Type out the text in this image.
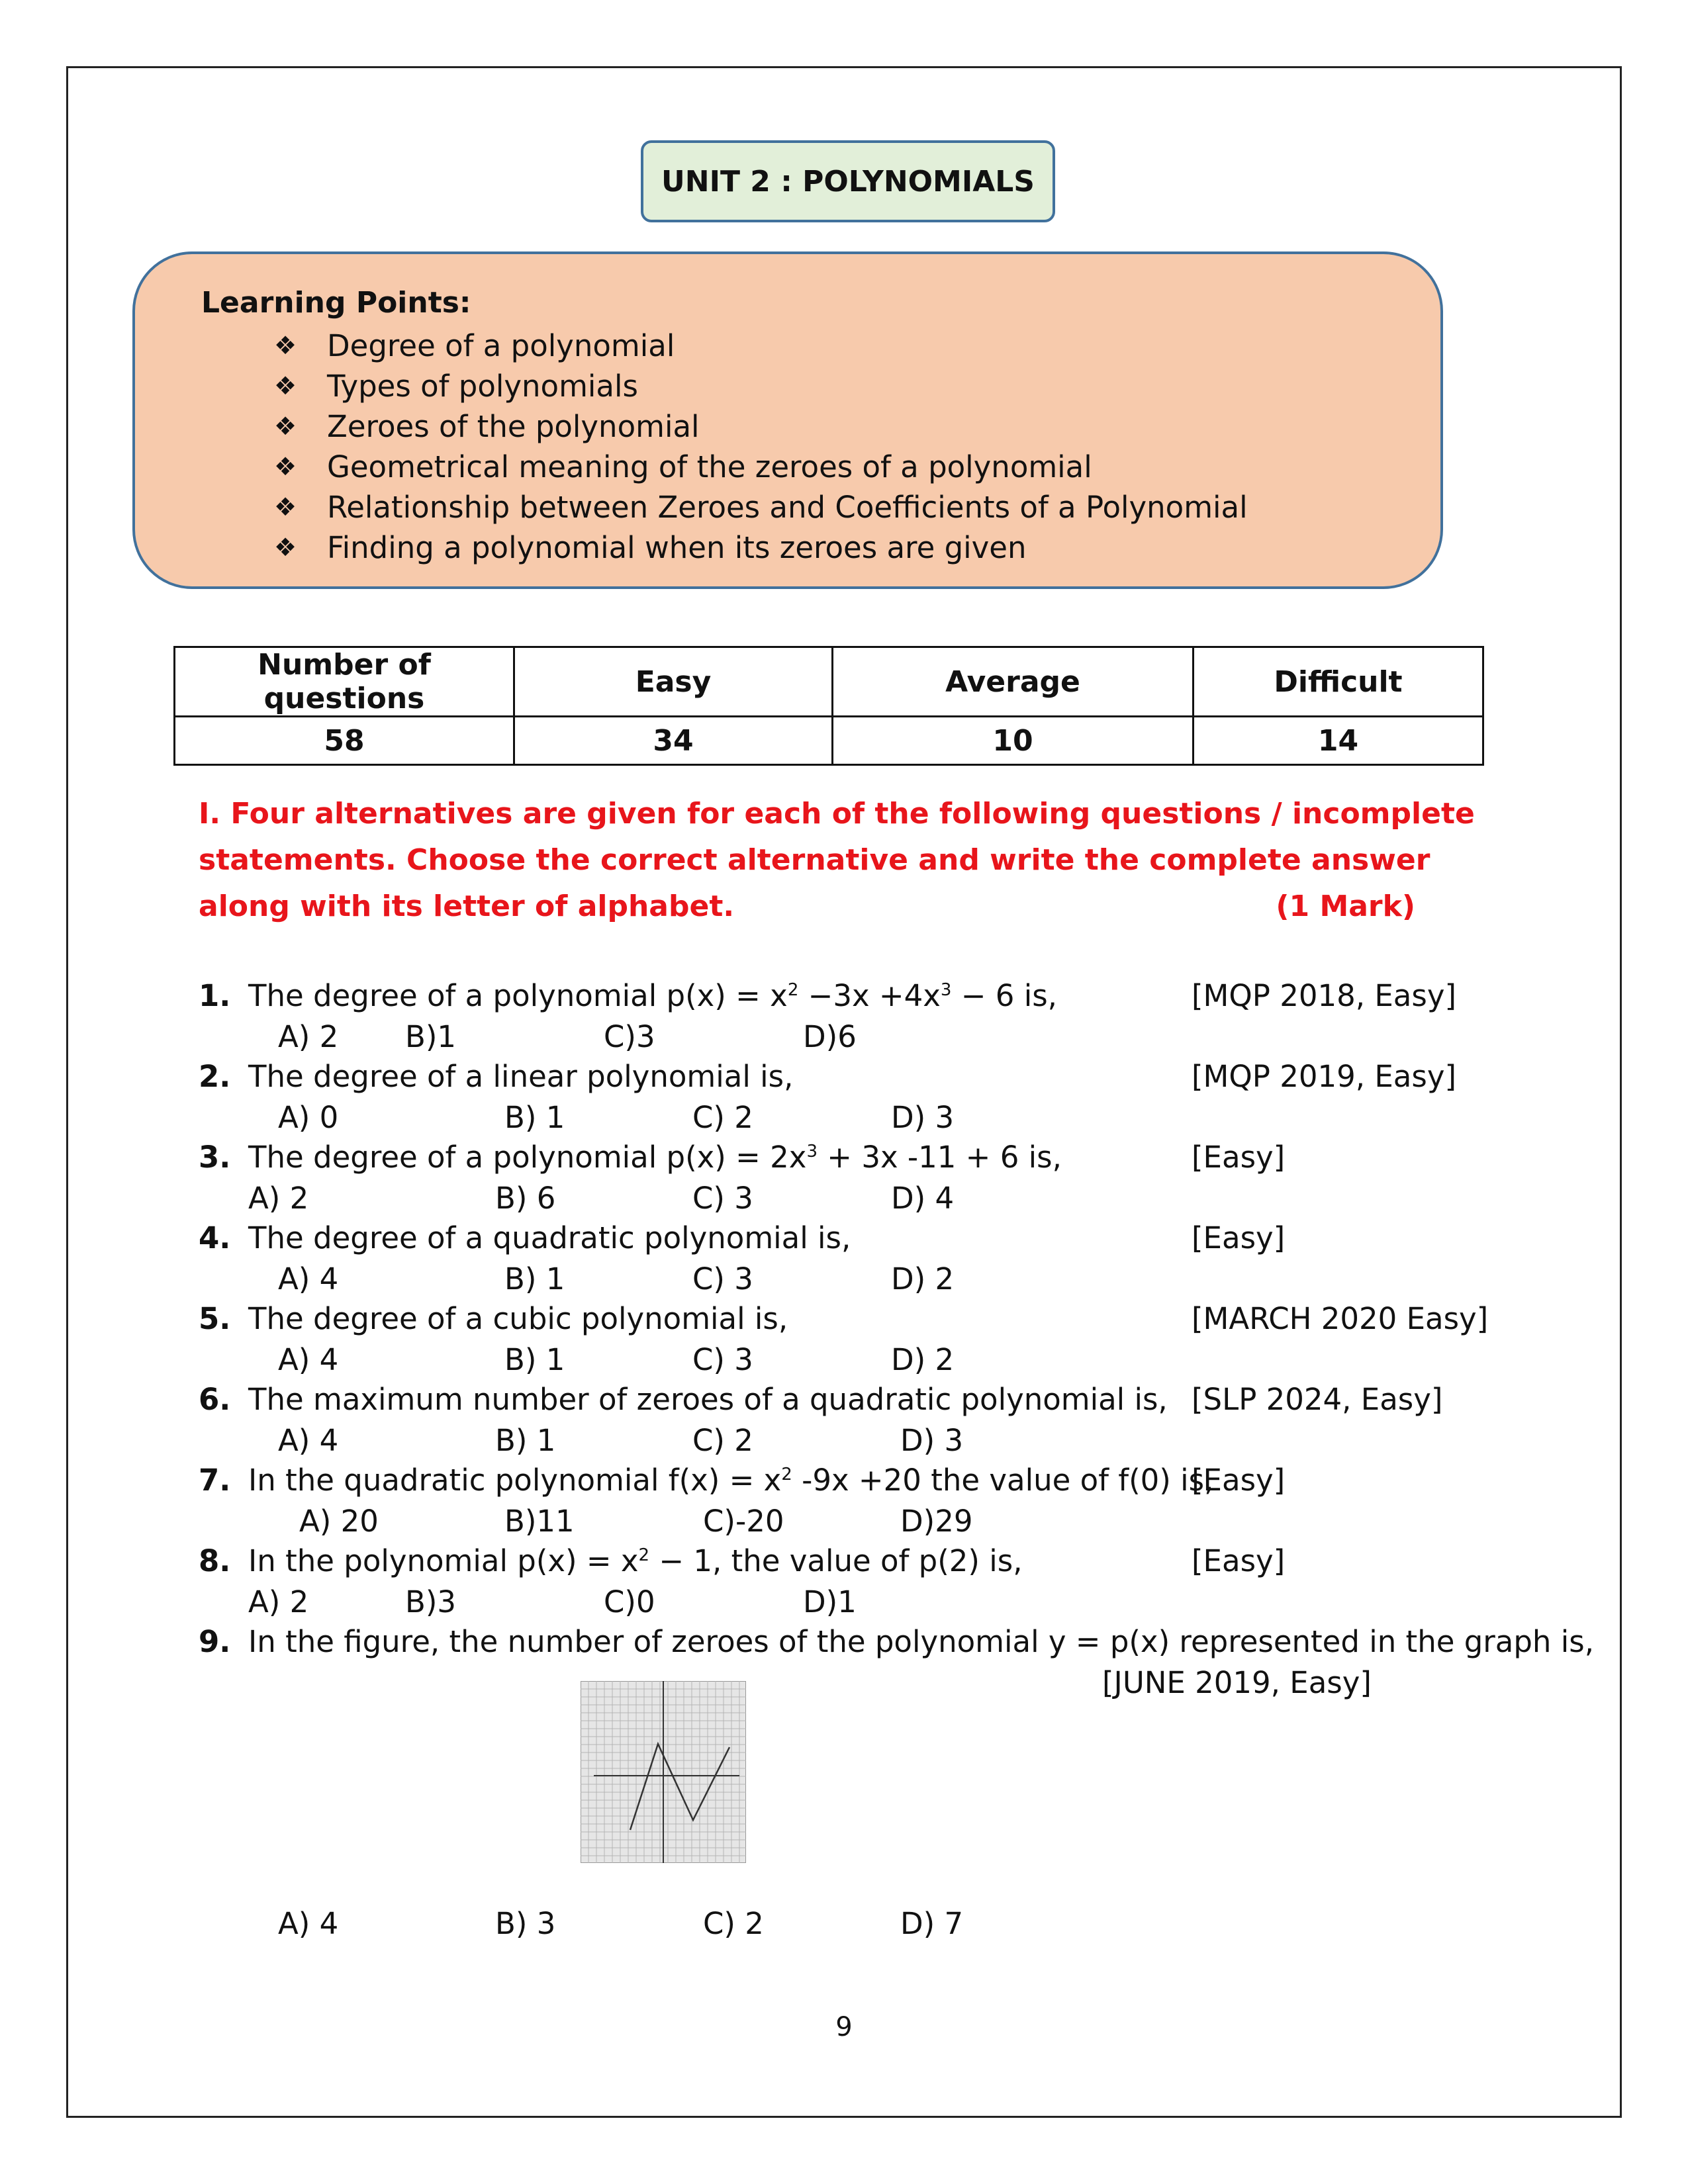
UNIT 2 : POLYNOMIALS
Learning Points:
❖	Degree of a polynomial
❖	Types of polynomials
❖	Zeroes of the polynomial
❖	Geometrical meaning of the zeroes of a polynomial
❖	Relationship between Zeroes and Coefficients of a Polynomial
❖	Finding a polynomial when its zeroes are given
Number of questions	Easy	Average	Difficult
58	34	10	14
I. Four alternatives are given for each of the following questions / incomplete statements. Choose the correct alternative and write the complete answer along with its letter of alphabet.	(1 Mark)
1. The degree of a polynomial $p(x) = x^2 -3x +4x^3 - 6$ is,	[MQP 2018, Easy]
A) 2 B)1	C)3	D)6
2. The degree of a linear polynomial is,	[MQP 2019, Easy]
A) 0	B) 1	C) 2	D) 3
3. The degree of a polynomial $p(x) = 2x^3 + 3x$ -11 + 6 is,	[Easy]
A) 2	B) 6	C) 3	D) 4
4. The degree of a quadratic polynomial is,	[Easy]
A) 4	B) 1	C) 3	D) 2
5. The degree of a cubic polynomial is,	[MARCH 2020 Easy]
A) 4	B) 1	C) 3	D) 2
6. The maximum number of zeroes of a quadratic polynomial is, [SLP 2024, Easy]
A) 4	B) 1	C) 2	D) 3
7. In the quadratic polynomial $f(x) = x^2$ -9x +20 the value of f(0) is,
[Easy]
A) 20	B)11	C)-20	D)29
8. In the polynomial $p(x) = x^2 - 1$, the value of p(2) is,	[Easy]
A) 2	B)3	C)0	D)1
9. In the figure, the number of zeroes of the polynomial y = p(x) represented in the graph is,
[JUNE 2019, Easy]
A) 4	B) 3	C) 2	D) 7
9
